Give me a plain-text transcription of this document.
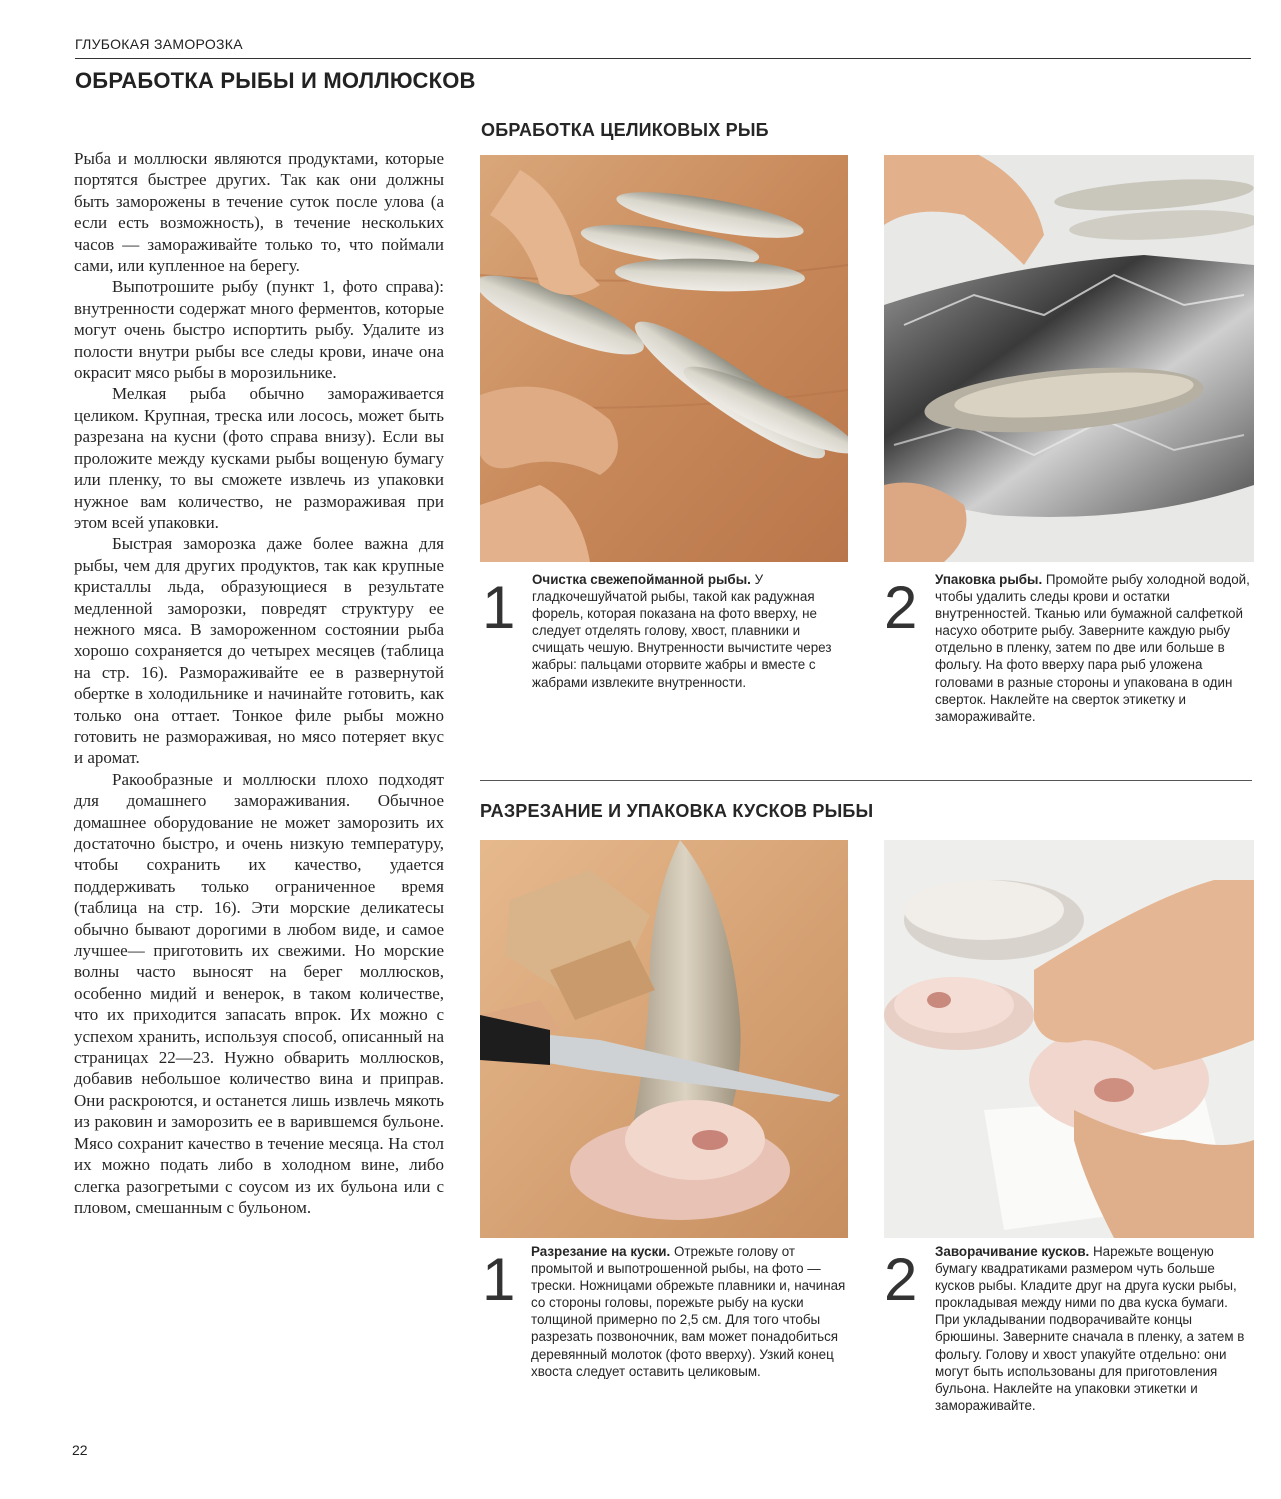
ГЛУБОКАЯ ЗАМОРОЗКА
ОБРАБОТКА РЫБЫ И МОЛЛЮСКОВ

Рыба и моллюски являются продуктами, которые портятся быстрее других. Так как они должны быть заморожены в течение суток после улова (а если есть возможность), в течение нескольких часов — замораживайте только то, что поймали сами, или купленное на берегу.

Выпотрошите рыбу (пункт 1, фото справа): внутренности содержат много ферментов, которые могут очень быстро испортить рыбу. Удалите из полости внутри рыбы все следы крови, иначе она окрасит мясо рыбы в морозильнике.

Мелкая рыба обычно замораживается целиком. Крупная, треска или лосось, может быть разрезана на кусни (фото справа внизу). Если вы проложите между кусками рыбы вощеную бумагу или пленку, то вы сможете извлечь из упаковки нужное вам количество, не размораживая при этом всей упаковки.

Быстрая заморозка даже более важна для рыбы, чем для других продуктов, так как крупные кристаллы льда, образующиеся в результате медленной заморозки, повредят структуру ее нежного мяса. В замороженном состоянии рыба хорошо сохраняется до четырех месяцев (таблица на стр. 16). Размораживайте ее в развернутой обертке в холодильнике и начинайте готовить, как только она оттает. Тонкое филе рыбы можно готовить не размораживая, но мясо потеряет вкус и аромат.

Ракообразные и моллюски плохо подходят для домашнего замораживания. Обычное домашнее оборудование не может заморозить их достаточно быстро, и очень низкую температуру, чтобы сохранить их качество, удается поддерживать только ограниченное время (таблица на стр. 16). Эти морские деликатесы обычно бывают дорогими в любом виде, и самое лучшее— приготовить их свежими. Но морские волны часто выносят на берег моллюсков, особенно мидий и венерок, в таком количестве, что их приходится запасать впрок. Их можно с успехом хранить, используя способ, описанный на страницах 22—23. Нужно обварить моллюсков, добавив небольшое количество вина и приправ. Они раскроются, и останется лишь извлечь мякоть из раковин и заморозить ее в варившемся бульоне. Мясо сохранит качество в течение месяца. На стол их можно подать либо в холодном вине, либо слегка разогретыми с соусом из их бульона или с пловом, смешанным с бульоном.

ОБРАБОТКА ЦЕЛИКОВЫХ РЫБ
1 Очистка свежепойманной рыбы. У гладкочешуйчатой рыбы, такой как радужная форель, которая показана на фото вверху, не следует отделять голову, хвост, плавники и счищать чешую. Внутренности вычистите через жабры: пальцами оторвите жабры и вместе с жабрами извлеките внутренности.
2 Упаковка рыбы. Промойте рыбу холодной водой, чтобы удалить следы крови и остатки внутренностей. Тканью или бумажной салфеткой насухо оботрите рыбу. Заверните каждую рыбу отдельно в пленку, затем по две или больше в фольгу. На фото вверху пара рыб уложена головами в разные стороны и упакована в один сверток. Наклейте на сверток этикетку и замораживайте.
РАЗРЕЗАНИЕ И УПАКОВКА КУСКОВ РЫБЫ
1 Разрезание на куски. Отрежьте голову от промытой и выпотрошенной рыбы, на фото — трески. Ножницами обрежьте плавники и, начиная со стороны головы, порежьте рыбу на куски толщиной примерно по 2,5 см. Для того чтобы разрезать позвоночник, вам может понадобиться деревянный молоток (фото вверху). Узкий конец хвоста следует оставить целиковым.
2 Заворачивание кусков. Нарежьте вощеную бумагу квадратиками размером чуть больше кусков рыбы. Кладите друг на друга куски рыбы, прокладывая между ними по два куска бумаги. При укладывании подворачивайте концы брюшины. Заверните сначала в пленку, а затем в фольгу. Голову и хвост упакуйте отдельно: они могут быть использованы для приготовления бульона. Наклейте на упаковки этикетки и замораживайте.
22
